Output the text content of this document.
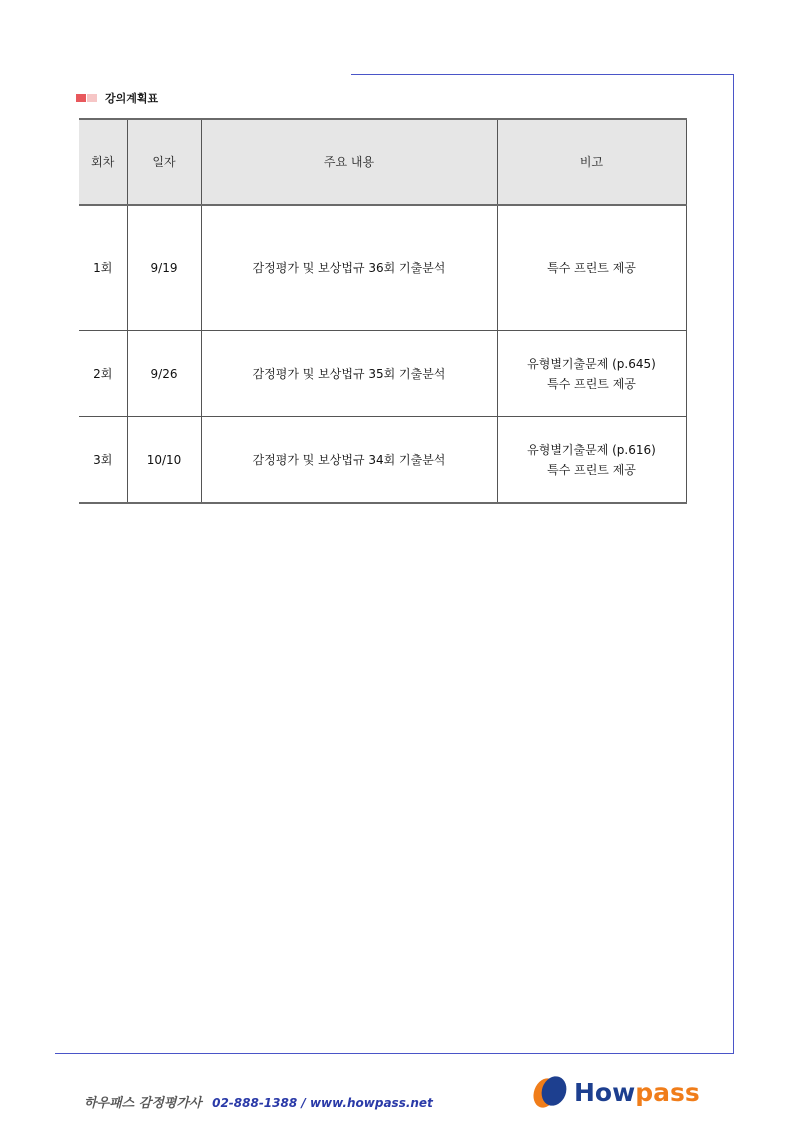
강의계획표
회차	일자	주요 내용	비고
1회	9/19	감정평가 및 보상법규 36회 기출분석	특수 프린트 제공

2회	9/26	감정평가 및 보상법규 35회 기출분석	유형별기출문제 (p.645)
특수 프린트 제공

3회	10/10	감정평가 및 보상법규 34회 기출분석	유형별기출문제 (p.616)
특수 프린트 제공
하우패스 감정평가사 02-888-1388 / www.howpass.net	Howpass
